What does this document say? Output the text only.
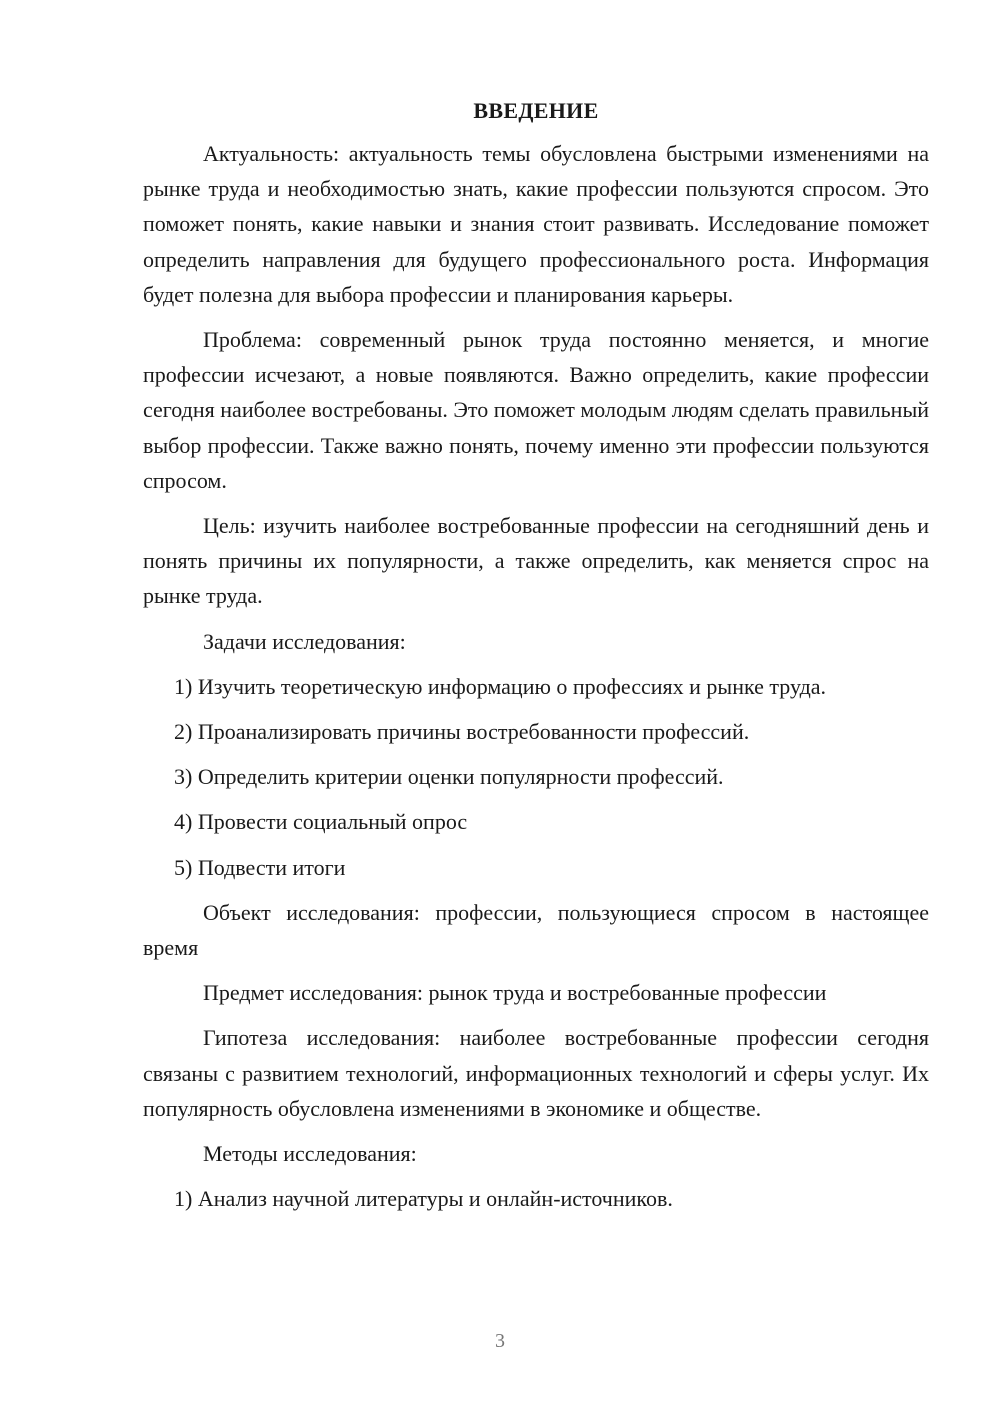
ВВЕДЕНИЕ

Актуальность: актуальность темы обусловлена быстрыми изменениями на рынке труда и необходимостью знать, какие профессии пользуются спросом. Это поможет понять, какие навыки и знания стоит развивать. Исследование поможет определить направления для будущего профессионального роста. Информация будет полезна для выбора профессии и планирования карьеры.

Проблема: современный рынок труда постоянно меняется, и многие профессии исчезают, а новые появляются. Важно определить, какие профессии сегодня наиболее востребованы. Это поможет молодым людям сделать правильный выбор профессии. Также важно понять, почему именно эти профессии пользуются спросом.

Цель: изучить наиболее востребованные профессии на сегодняшний день и понять причины их популярности, а также определить, как меняется спрос на рынке труда.

Задачи исследования:

1) Изучить теоретическую информацию о профессиях и рынке труда.

2) Проанализировать причины востребованности профессий.

3) Определить критерии оценки популярности профессий.

4) Провести социальный опрос

5) Подвести итоги

Объект исследования: профессии, пользующиеся спросом в настоящее время

Предмет исследования: рынок труда и востребованные профессии

Гипотеза исследования: наиболее востребованные профессии сегодня связаны с развитием технологий, информационных технологий и сферы услуг. Их популярность обусловлена изменениями в экономике и обществе.

Методы исследования:

1) Анализ научной литературы и онлайн-источников.

3
